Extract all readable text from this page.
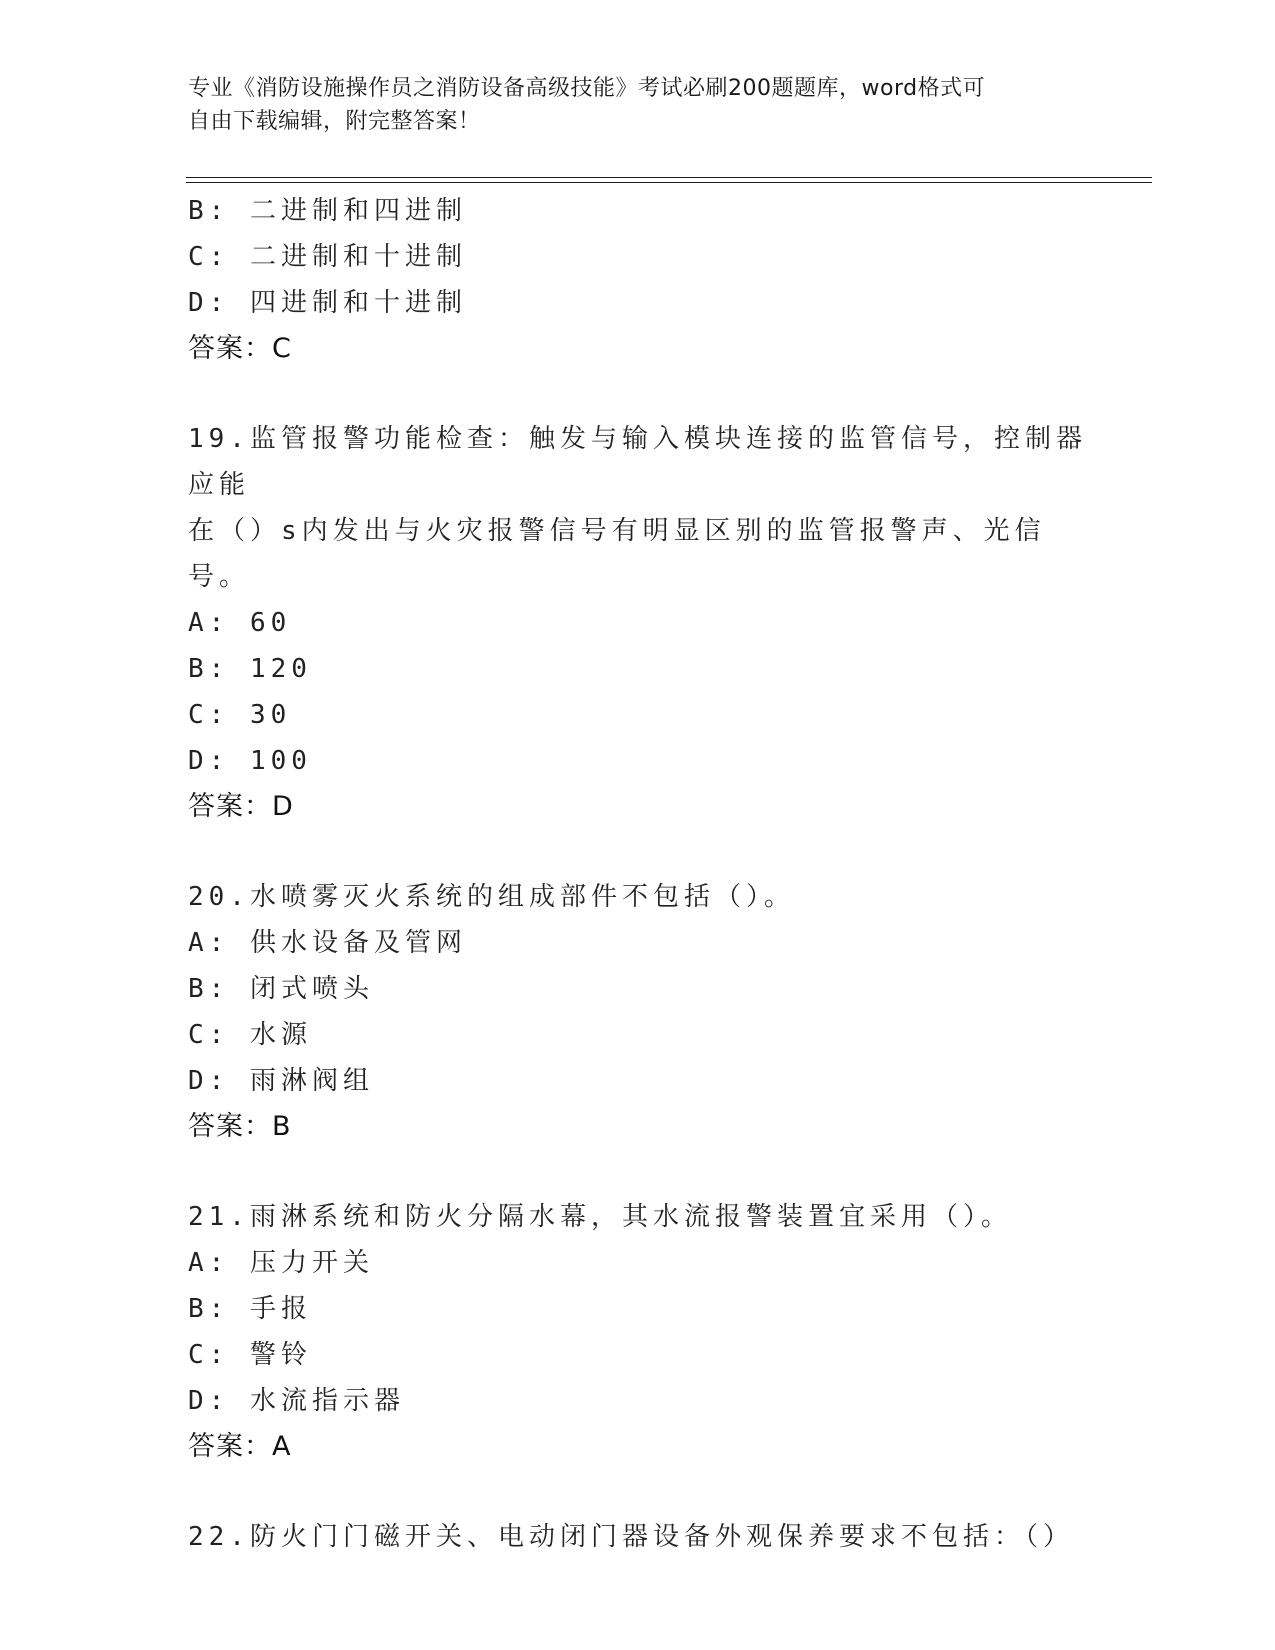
专业《消防设施操作员之消防设备高级技能》考试必刷200题题库，word格式可
自由下载编辑，附完整答案！
B: 二进制和四进制
C: 二进制和十进制
D: 四进制和十进制
答案：C
19.监管报警功能检查：触发与输入模块连接的监管信号，控制器应能
在（）s内发出与火灾报警信号有明显区别的监管报警声、光信号。
A: 60
B: 120
C: 30
D: 100
答案：D
20.水喷雾灭火系统的组成部件不包括（）。
A: 供水设备及管网
B: 闭式喷头
C: 水源
D: 雨淋阀组
答案：B
21.雨淋系统和防火分隔水幕，其水流报警装置宜采用（）。
A: 压力开关
B: 手报
C: 警铃
D: 水流指示器
答案：A
22.防火门门磁开关、电动闭门器设备外观保养要求不包括：（）
